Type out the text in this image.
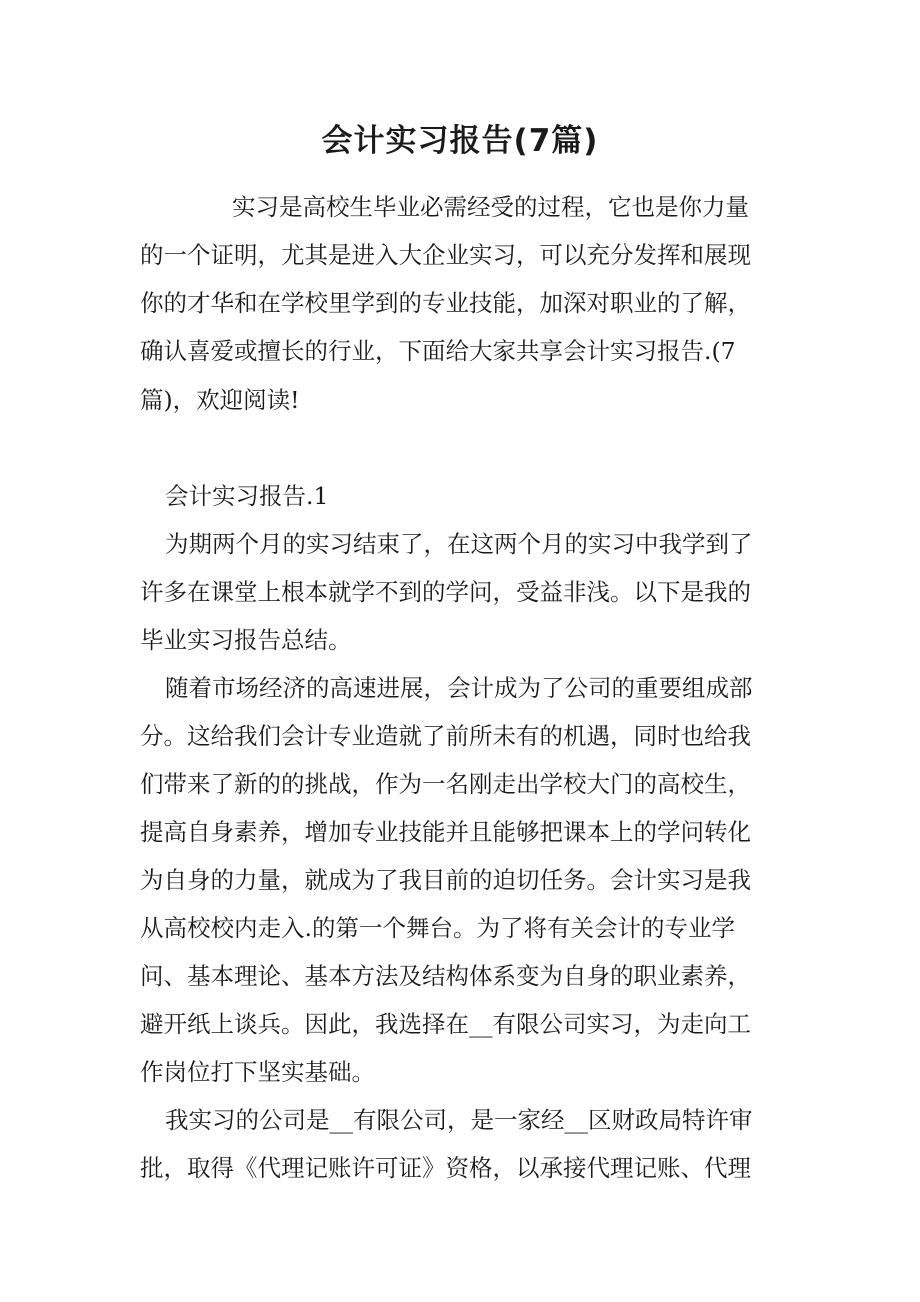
会计实习报告(7篇)

实习是高校生毕业必需经受的过程，它也是你力量

的一个证明，尤其是进入大企业实习，可以充分发挥和展现

你的才华和在学校里学到的专业技能，加深对职业的了解，

确认喜爱或擅长的行业，下面给大家共享会计实习报告.(7

篇)，欢迎阅读!

会计实习报告.1

为期两个月的实习结束了，在这两个月的实习中我学到了

许多在课堂上根本就学不到的学问，受益非浅。以下是我的

毕业实习报告总结。

随着市场经济的高速进展，会计成为了公司的重要组成部

分。这给我们会计专业造就了前所未有的机遇，同时也给我

们带来了新的的挑战，作为一名刚走出学校大门的高校生，

提高自身素养，增加专业技能并且能够把课本上的学问转化

为自身的力量，就成为了我目前的迫切任务。会计实习是我

从高校校内走入.的第一个舞台。为了将有关会计的专业学

问、基本理论、基本方法及结构体系变为自身的职业素养，

避开纸上谈兵。因此，我选择在__有限公司实习，为走向工

作岗位打下坚实基础。

我实习的公司是__有限公司，是一家经__区财政局特许审

批，取得《代理记账许可证》资格，以承接代理记账、代理
